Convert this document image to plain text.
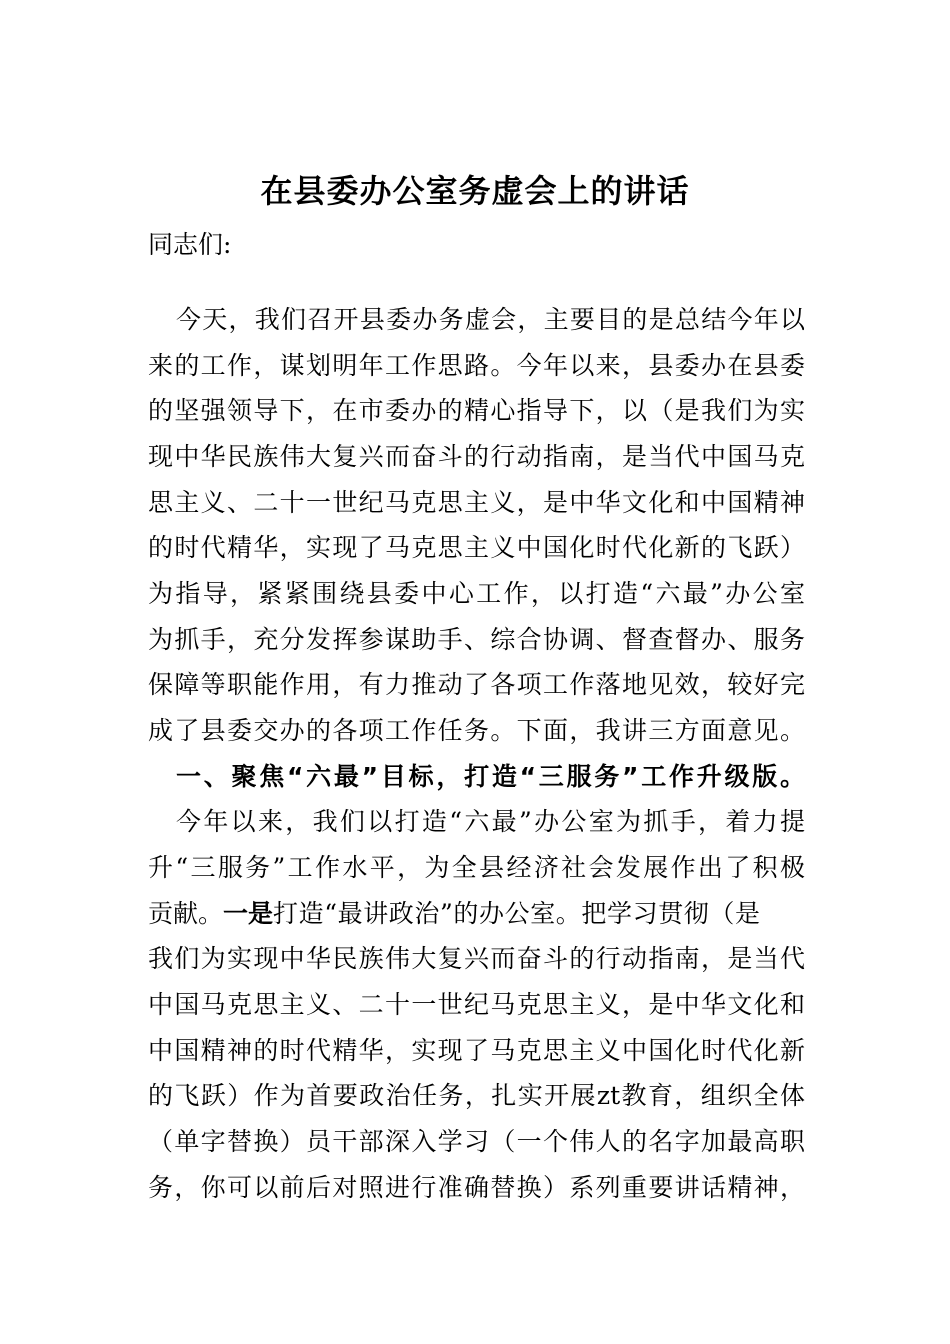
在县委办公室务虚会上的讲话
同志们:
今天，我们召开县委办务虚会，主要目的是总结今年以
来的工作，谋划明年工作思路。今年以来，县委办在县委
的坚强领导下，在市委办的精心指导下，以（是我们为实
现中华民族伟大复兴而奋斗的行动指南，是当代中国马克
思主义、二十一世纪马克思主义，是中华文化和中国精神
的时代精华，实现了马克思主义中国化时代化新的飞跃）
为指导，紧紧围绕县委中心工作，以打造“六最”办公室
为抓手，充分发挥参谋助手、综合协调、督查督办、服务
保障等职能作用，有力推动了各项工作落地见效，较好完
成了县委交办的各项工作任务。下面，我讲三方面意见。
一、聚焦“六最”目标，打造“三服务”工作升级版。
今年以来，我们以打造“六最”办公室为抓手，着力提
升“三服务”工作水平，为全县经济社会发展作出了积极
贡献。 一是 打造“最讲政治”的办公室。把学习贯彻（是
我们为实现中华民族伟大复兴而奋斗的行动指南，是当代
中国马克思主义、二十一世纪马克思主义，是中华文化和
中国精神的时代精华，实现了马克思主义中国化时代化新
的飞跃）作为首要政治任务，扎实开展zt教育，组织全体
（单字替换）员干部深入学习（一个伟人的名字加最高职
务，你可以前后对照进行准确替换）系列重要讲话精神，
